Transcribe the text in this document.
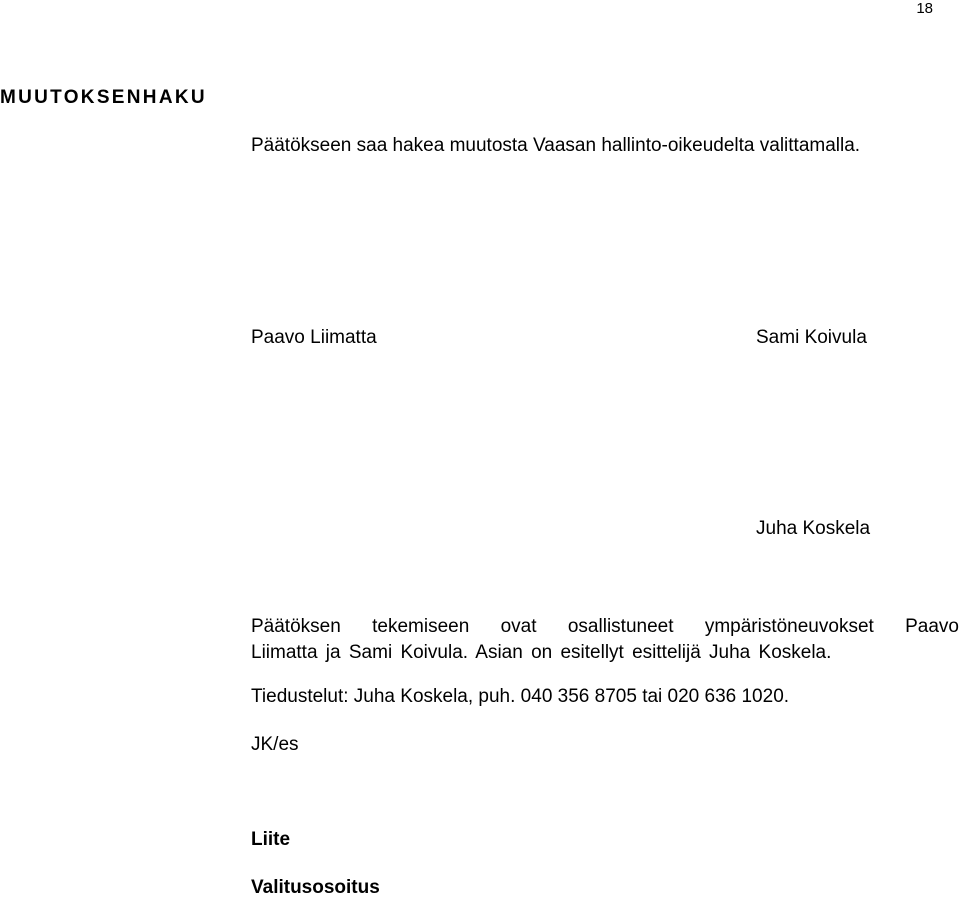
18
MUUTOKSENHAKU
Päätökseen saa hakea muutosta Vaasan hallinto-oikeudelta valittamalla.
Paavo Liimatta	Sami Koivula
Juha Koskela
Päätöksen tekemiseen ovat osallistuneet ympäristöneuvokset Paavo
Liimatta ja Sami Koivula. Asian on esitellyt esittelijä Juha Koskela.
Tiedustelut: Juha Koskela, puh. 040 356 8705 tai 020 636 1020.
JK/es
Liite
Valitusosoitus
